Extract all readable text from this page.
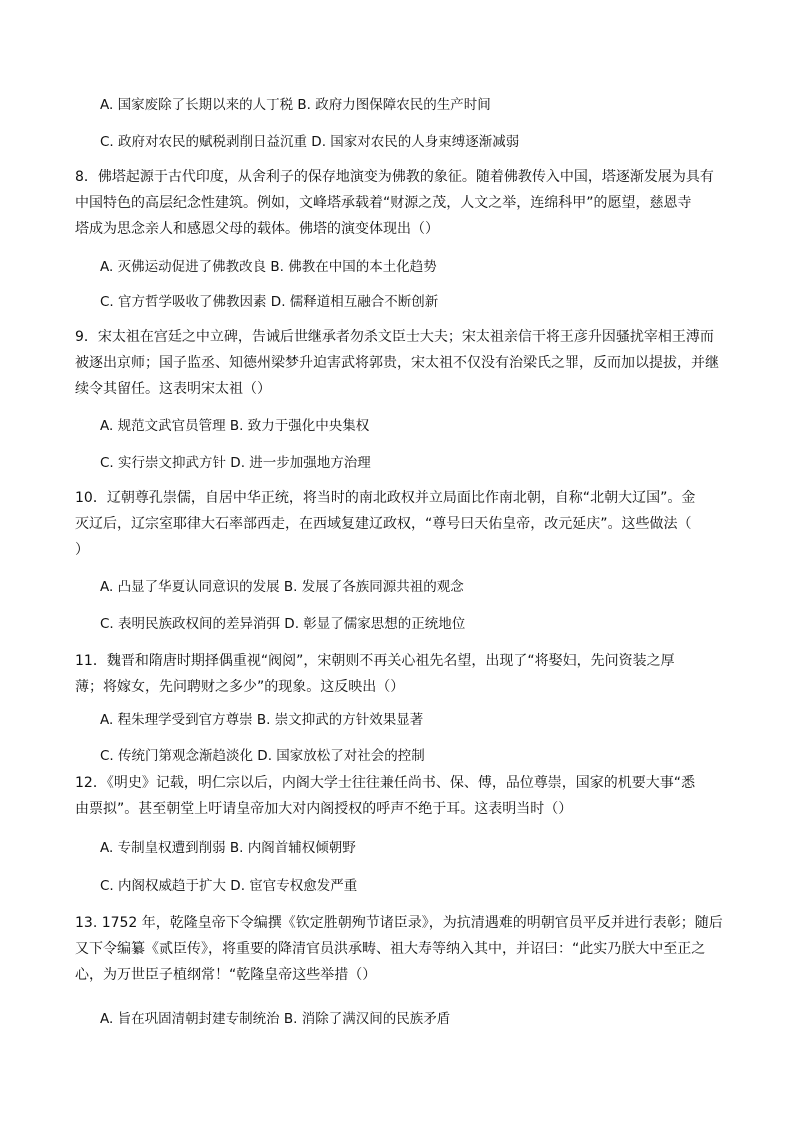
A. 国家废除了长期以来的人丁税 B. 政府力图保障农民的生产时间
C. 政府对农民的赋税剥削日益沉重 D. 国家对农民的人身束缚逐渐减弱
8．佛塔起源于古代印度，从舍利子的保存地演变为佛教的象征。随着佛教传入中国，塔逐渐发展为具有
中国特色的高层纪念性建筑。例如，文峰塔承载着“财源之茂，人文之举，连绵科甲”的愿望，慈恩寺
塔成为思念亲人和感恩父母的载体。佛塔的演变体现出（）
A. 灭佛运动促进了佛教改良 B. 佛教在中国的本土化趋势
C. 官方哲学吸收了佛教因素 D. 儒释道相互融合不断创新
9．宋太祖在宫廷之中立碑，告诫后世继承者勿杀文臣士大夫；宋太祖亲信干将王彦升因骚扰宰相王溥而
被逐出京师；国子监丞、知德州梁梦升迫害武将郭贵，宋太祖不仅没有治梁氏之罪，反而加以提拔，并继
续令其留任。这表明宋太祖（）
A. 规范文武官员管理 B. 致力于强化中央集权
C. 实行崇文抑武方针 D. 进一步加强地方治理
10．辽朝尊孔崇儒，自居中华正统，将当时的南北政权并立局面比作南北朝，自称“北朝大辽国”。金
灭辽后，辽宗室耶律大石率部西走，在西域复建辽政权，“尊号曰天佑皇帝，改元延庆”。这些做法（
）
A. 凸显了华夏认同意识的发展 B. 发展了各族同源共祖的观念
C. 表明民族政权间的差异消弭 D. 彰显了儒家思想的正统地位
11．魏晋和隋唐时期择偶重视“阀阅”，宋朝则不再关心祖先名望，出现了“将娶妇，先问资装之厚
薄；将嫁女，先问聘财之多少”的现象。这反映出（）
A. 程朱理学受到官方尊崇 B. 崇文抑武的方针效果显著
C. 传统门第观念渐趋淡化 D. 国家放松了对社会的控制
12．《明史》记载，明仁宗以后，内阁大学士往往兼任尚书、保、傅，品位尊崇，国家的机要大事“悉
由票拟”。甚至朝堂上吁请皇帝加大对内阁授权的呼声不绝于耳。这表明当时（）
A. 专制皇权遭到削弱 B. 内阁首辅权倾朝野
C. 内阁权威趋于扩大 D. 宦官专权愈发严重
13. 1752 年，乾隆皇帝下令编撰《钦定胜朝殉节诸臣录》，为抗清遇难的明朝官员平反并进行表彰；随后
又下令编纂《贰臣传》，将重要的降清官员洪承畴、祖大寿等纳入其中，并诏曰：“此实乃朕大中至正之
心，为万世臣子植纲常！“乾隆皇帝这些举措（）
A. 旨在巩固清朝封建专制统治 B. 消除了满汉间的民族矛盾
